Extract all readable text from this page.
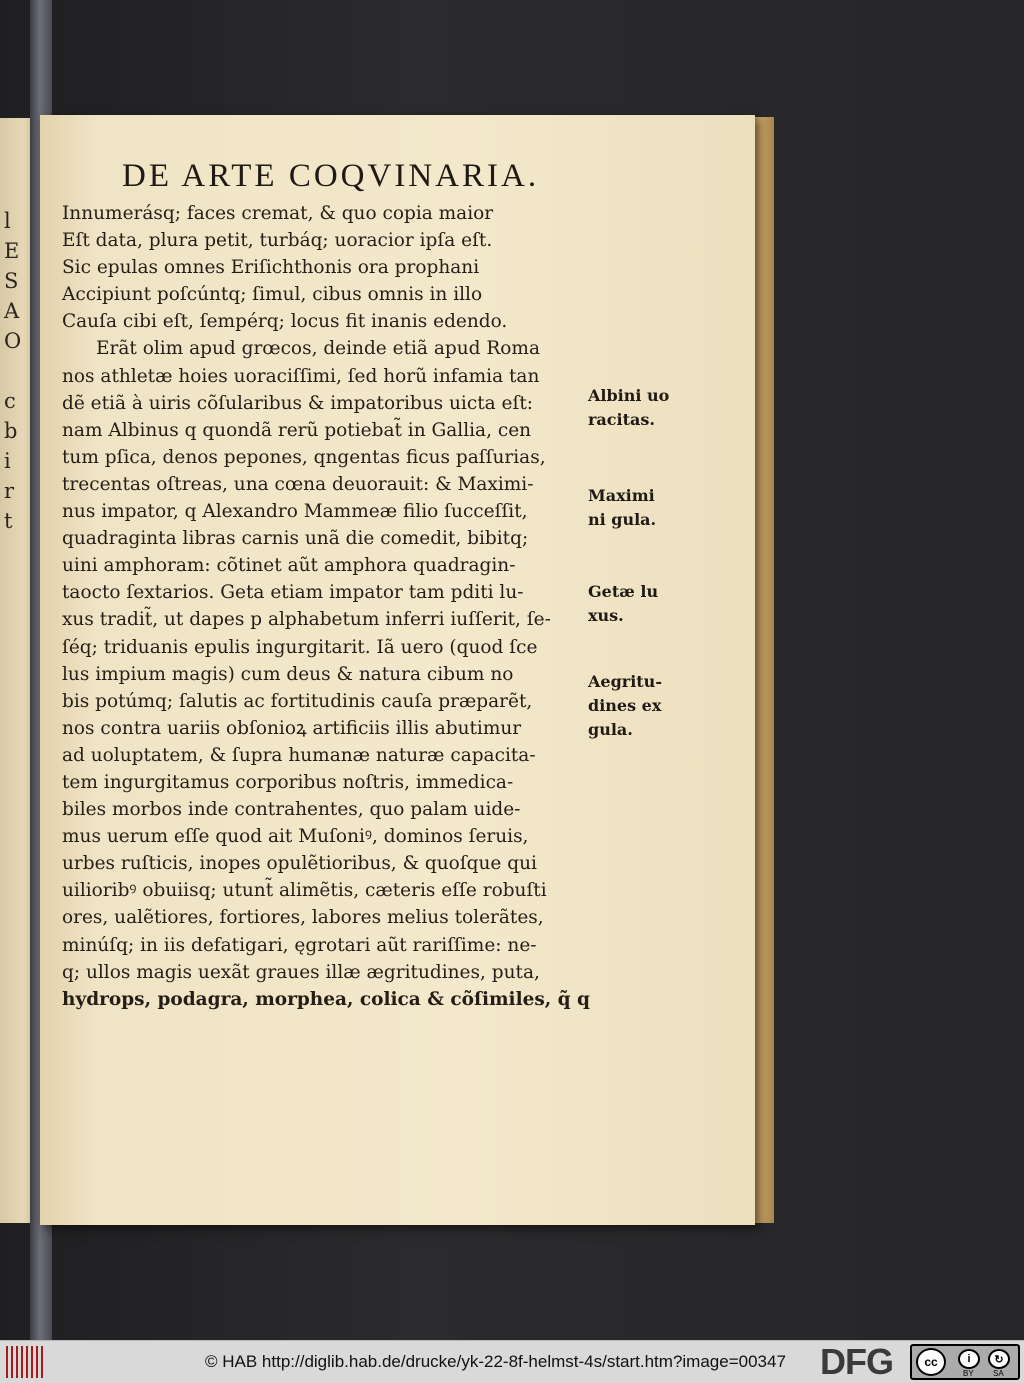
l
E
S
A
O
c
b
i
r
t
DE ARTE COQVINARIA.
Innumerásq; faces cremat, & quo copia maior
Eſt data, plura petit, turbáq; uoracior ipſa eſt.
Sic epulas omnes Eriſichthonis ora prophani
Accipiunt poſcúntq; ſimul, cibus omnis in illo
Cauſa cibi eſt, ſempérq; locus fit inanis edendo.
Erãt olim apud grœcos, deinde etiã apud Roma
nos athletæ hoies uoraciſſimi, ſed horũ infamia tan
dẽ etiã à uiris cõſularibus & impatoribus uicta eſt:
nam Albinus q quondã rerũ potiebat̃ in Gallia, cen
tum pſica, denos pepones, qngentas ficus paſſurias,
trecentas oſtreas, una cœna deuorauit: & Maximi-
nus impator, q Alexandro Mammeæ filio ſucceſſit,
quadraginta libras carnis unã die comedit, bibitq;
uini amphoram: cõtinet aũt amphora quadragin-
taocto ſextarios. Geta etiam impator tam pditi lu-
xus tradit̃, ut dapes p alphabetum inferri iuſſerit, ſe-
ſéq; triduanis epulis ingurgitarit. Iã uero (quod ſce
lus impium magis) cum deus & natura cibum no
bis potúmq; ſalutis ac fortitudinis cauſa præparẽt,
nos contra uariis obſonioꝝ artificiis illis abutimur
ad uoluptatem, & ſupra humanæ naturæ capacita-
tem ingurgitamus corporibus noſtris, immedica-
biles morbos inde contrahentes, quo palam uide-
mus uerum eſſe quod ait Muſoniꝰ, dominos ſeruis,
urbes ruſticis, inopes opulẽtioribus, & quoſque qui
uilioribꝰ obuiisq; utunt̃ alimẽtis, cæteris eſſe robuſti
ores, ualẽtiores, fortiores, labores melius tolerãtes,
minúſq; in iis defatigari, ęgrotari aũt rariſſime: ne-
q; ullos magis uexãt graues illæ ægritudines, puta,
hydrops, podagra, morphea, colica & cõſimiles, q̃ q
Albini uo
racitas.
Maximi
ni gula.
Getæ lu
xus.
Aegritu-
dines ex
gula.
© HAB http://diglib.hab.de/drucke/yk-22-8f-helmst-4s/start.htm?image=00347 DFG	cc	i	↻
BY SA
